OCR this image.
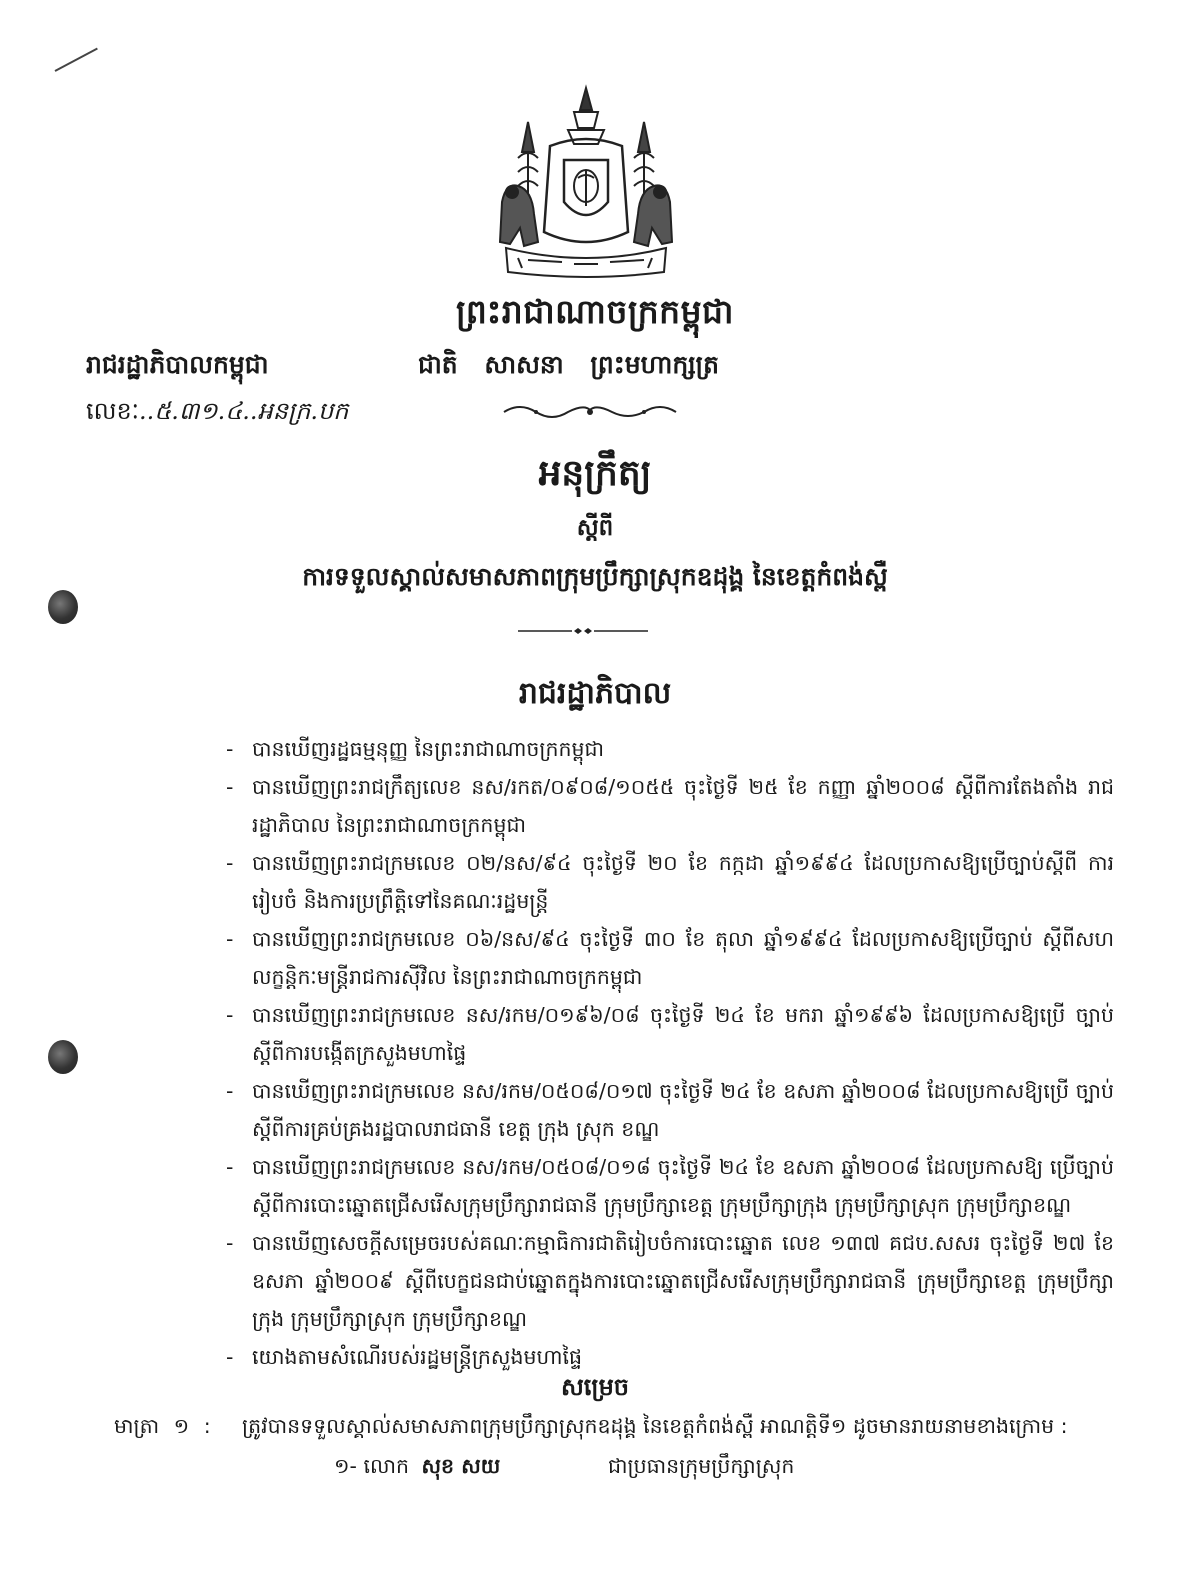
ព្រះរាជាណាចក្រកម្ពុជា
រាជរដ្ឋាភិបាលកម្ពុជា	ជាតិ សាសនា ព្រះមហាក្សត្រ
លេខៈ..៥.៣១.៤..អនក្រ.បក
អនុក្រឹត្យ
ស្តីពី
ការទទួលស្គាល់សមាសភាពក្រុមប្រឹក្សាស្រុកឧដុង្គ នៃខេត្តកំពង់ស្ពឺ
រាជរដ្ឋាភិបាល
- បានឃើញរដ្ឋធម្មនុញ្ញ នៃព្រះរាជាណាចក្រកម្ពុជា
- បានឃើញព្រះរាជក្រឹត្យលេខ នស/រកត/០៩០៨/១០៥៥ ចុះថ្ងៃទី ២៥ ខែ កញ្ញា ឆ្នាំ២០០៨ ស្តីពីការតែងតាំង រាជរដ្ឋាភិបាល នៃព្រះរាជាណាចក្រកម្ពុជា
- បានឃើញព្រះរាជក្រមលេខ ០២/នស/៩៤ ចុះថ្ងៃទី ២០ ខែ កក្កដា ឆ្នាំ១៩៩៤ ដែលប្រកាសឱ្យប្រើច្បាប់ស្តីពី ការរៀបចំ និងការប្រព្រឹត្តិទៅនៃគណៈរដ្ឋមន្ត្រី
- បានឃើញព្រះរាជក្រមលេខ ០៦/នស/៩៤ ចុះថ្ងៃទី ៣០ ខែ តុលា ឆ្នាំ១៩៩៤ ដែលប្រកាសឱ្យប្រើច្បាប់ ស្តីពីសហលក្ខន្តិកៈមន្ត្រីរាជការស៊ីវិល នៃព្រះរាជាណាចក្រកម្ពុជា
- បានឃើញព្រះរាជក្រមលេខ នស/រកម/០១៩៦/០៨ ចុះថ្ងៃទី ២៤ ខែ មករា ឆ្នាំ១៩៩៦ ដែលប្រកាសឱ្យប្រើ ច្បាប់ស្តីពីការបង្កើតក្រសួងមហាផ្ទៃ
- បានឃើញព្រះរាជក្រមលេខ នស/រកម/០៥០៨/០១៧ ចុះថ្ងៃទី ២៤ ខែ ឧសភា ឆ្នាំ២០០៨ ដែលប្រកាសឱ្យប្រើ ច្បាប់ស្តីពីការគ្រប់គ្រងរដ្ឋបាលរាជធានី ខេត្ត ក្រុង ស្រុក ខណ្ឌ
- បានឃើញព្រះរាជក្រមលេខ នស/រកម/០៥០៨/០១៨ ចុះថ្ងៃទី ២៤ ខែ ឧសភា ឆ្នាំ២០០៨ ដែលប្រកាសឱ្យ ប្រើច្បាប់ស្តីពីការបោះឆ្នោតជ្រើសរើសក្រុមប្រឹក្សារាជធានី ក្រុមប្រឹក្សាខេត្ត ក្រុមប្រឹក្សាក្រុង ក្រុមប្រឹក្សាស្រុក ក្រុមប្រឹក្សាខណ្ឌ
- បានឃើញសេចក្តីសម្រេចរបស់គណៈកម្មាធិការជាតិរៀបចំការបោះឆ្នោត លេខ ១៣៧ គជប.សសរ ចុះថ្ងៃទី ២៧ ខែ ឧសភា ឆ្នាំ២០០៩ ស្តីពីបេក្ខជនជាប់ឆ្នោតក្នុងការបោះឆ្នោតជ្រើសរើសក្រុមប្រឹក្សារាជធានី ក្រុមប្រឹក្សាខេត្ត ក្រុមប្រឹក្សាក្រុង ក្រុមប្រឹក្សាស្រុក ក្រុមប្រឹក្សាខណ្ឌ
- យោងតាមសំណើរបស់រដ្ឋមន្ត្រីក្រសួងមហាផ្ទៃ
សម្រេច
មាត្រា ១ : ត្រូវបានទទួលស្គាល់សមាសភាពក្រុមប្រឹក្សាស្រុកឧដុង្គ នៃខេត្តកំពង់ស្ពឺ អាណត្តិទី១ ដូចមានរាយនាមខាងក្រោម :
១- លោក សុខ សយ	ជាប្រធានក្រុមប្រឹក្សាស្រុក
